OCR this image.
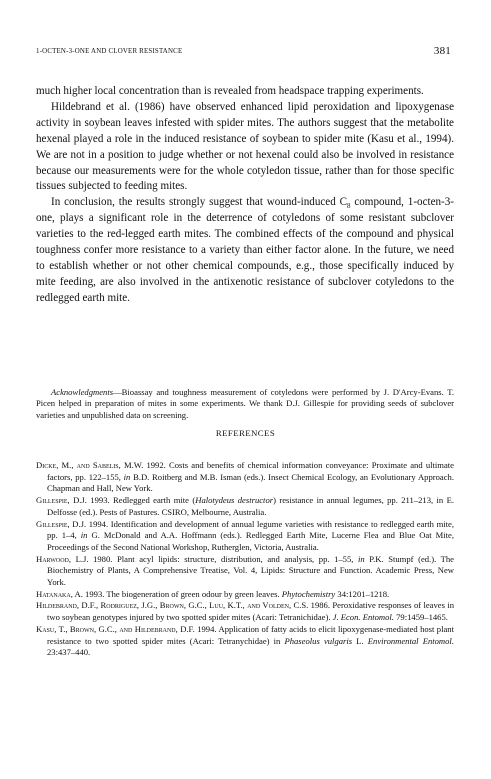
1-OCTEN-3-ONE AND CLOVER RESISTANCE	381

much higher local concentration than is revealed from headspace trapping experiments.

Hildebrand et al. (1986) have observed enhanced lipid peroxidation and lipoxygenase activity in soybean leaves infested with spider mites. The authors suggest that the metabolite hexenal played a role in the induced resistance of soybean to spider mite (Kasu et al., 1994). We are not in a position to judge whether or not hexenal could also be involved in resistance because our measurements were for the whole cotyledon tissue, rather than for those specific tissues subjected to feeding mites.

In conclusion, the results strongly suggest that wound-induced $C_8$ compound, 1-octen-3-one, plays a significant role in the deterrence of cotyledons of some resistant subclover varieties to the red-legged earth mites. The combined effects of the compound and physical toughness confer more resistance to a variety than either factor alone. In the future, we need to establish whether or not other chemical compounds, e.g., those specifically induced by mite feeding, are also involved in the antixenotic resistance of subclover cotyledons to the redlegged earth mite.

Acknowledgments—Bioassay and toughness measurement of cotyledons were performed by J. D'Arcy-Evans. T. Picen helped in preparation of mites in some experiments. We thank D.J. Gillespie for providing seeds of subclover varieties and unpublished data on screening.

REFERENCES

Dicke, M., and Sabelis, M.W. 1992. Costs and benefits of chemical information conveyance: Proximate and ultimate factors, pp. 122–155, in B.D. Roitberg and M.B. Isman (eds.). Insect Chemical Ecology, an Evolutionary Approach. Chapman and Hall, New York.

Gillespie, D.J. 1993. Redlegged earth mite (Halotydeus destructor) resistance in annual legumes, pp. 211–213, in E. Delfosse (ed.). Pests of Pastures. CSIRO, Melbourne, Australia.

Gillespie, D.J. 1994. Identification and development of annual legume varieties with resistance to redlegged earth mite, pp. 1–4, in G. McDonald and A.A. Hoffmann (eds.). Redlegged Earth Mite, Lucerne Flea and Blue Oat Mite, Proceedings of the Second National Workshop, Rutherglen, Victoria, Australia.

Harwood, L.J. 1980. Plant acyl lipids: structure, distribution, and analysis, pp. 1–55, in P.K. Stumpf (ed.). The Biochemistry of Plants, A Comprehensive Treatise, Vol. 4, Lipids: Structure and Function. Academic Press, New York.

Hatanaka, A. 1993. The biogeneration of green odour by green leaves. Phytochemistry 34:1201–1218.

Hildebrand, D.F., Rodriguez, J.G., Brown, G.C., Luu, K.T., and Volden, C.S. 1986. Peroxidative responses of leaves in two soybean genotypes injured by two spotted spider mites (Acari: Tetranichidae). J. Econ. Entomol. 79:1459–1465.

Kasu, T., Brown, G.C., and Hildebrand, D.F. 1994. Application of fatty acids to elicit lipoxygenase-mediated host plant resistance to two spotted spider mites (Acari: Tetranychidae) in Phaseolus vulgaris L. Environmental Entomol. 23:437–440.
